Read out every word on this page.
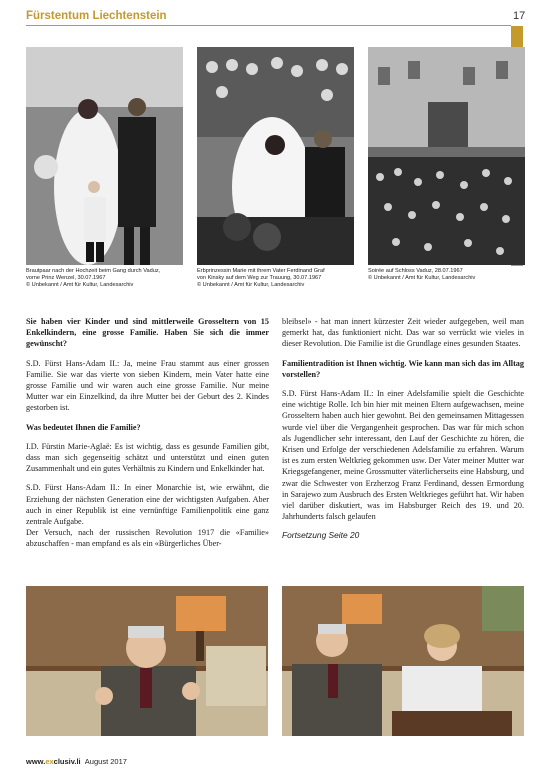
Fürstentum Liechtenstein	17
Brautpaar nach der Hochzeit beim Gang durch Vaduz,
vorne Prinz Wenzel, 30.07.1967
© Unbekannt / Amt für Kultur, Landesarchiv
Erbprinzessin Marie mit ihrem Vater Ferdinand Graf
von Kinsky auf dem Weg zur Trauung, 30.07.1967
© Unbekannt / Amt für Kultur, Landesarchiv
Soirée auf Schloss Vaduz, 28.07.1967
© Unbekannt / Amt für Kultur, Landesarchiv

Sie haben vier Kinder und sind mittlerweile Grosseltern von 15 Enkelkindern, eine grosse Familie. Haben Sie sich die immer gewünscht?

S.D. Fürst Hans-Adam II.: Ja, meine Frau stammt aus einer grossen Familie. Sie war das vierte von sieben Kindern, mein Vater hatte eine grosse Familie und wir waren auch eine grosse Familie. Nur meine Mutter war ein Einzelkind, da ihre Mutter bei der Geburt des 2. Kindes gestorben ist.

Was bedeutet Ihnen die Familie?

I.D. Fürstin Marie-Aglaë: Es ist wichtig, dass es gesunde Familien gibt, dass man sich gegenseitig schätzt und unterstützt und einen guten Zusammenhalt und ein gutes Verhältnis zu Kindern und Enkelkinder hat.

S.D. Fürst Hans-Adam II.: In einer Monarchie ist, wie erwähnt, die Erziehung der nächsten Generation eine der wichtigsten Aufgaben. Aber auch in einer Republik ist eine vernünftige Familienpolitik eine ganz zentrale Aufgabe.

Der Versuch, nach der russischen Revolution 1917 die «Familie» abzuschaffen - man empfand es als ein «Bürgerliches Über-

bleibsel» - hat man innert kürzester Zeit wieder aufgegeben, weil man gemerkt hat, das funktioniert nicht. Das war so verrückt wie vieles in dieser Revolution. Die Familie ist die Grundlage eines gesunden Staates.

Familientradition ist Ihnen wichtig. Wie kann man sich das im Alltag vorstellen?

S.D. Fürst Hans-Adam II.: In einer Adelsfamilie spielt die Geschichte eine wichtige Rolle. Ich bin hier mit meinen Eltern aufgewachsen, meine Grosseltern haben auch hier gewohnt. Bei den gemeinsamen Mittagessen wurde viel über die Vergangenheit gesprochen. Das war für mich schon als Jugendlicher sehr interessant, den Lauf der Geschichte zu hören, die Krisen und Erfolge der verschiedenen Adelsfamilie zu erfahren. Warum ist es zum ersten Weltkrieg gekommen usw. Der Vater meiner Mutter war Kriegsgefangener, meine Grossmutter väterlicherseits eine Habsburg, und zwar die Schwester von Erzherzog Franz Ferdinand, dessen Ermordung in Sarajewo zum Ausbruch des Ersten Weltkrieges geführt hat. Wir haben viel darüber diskutiert, was im Habsburger Reich des 19. und 20. Jahrhunderts falsch gelaufen

Fortsetzung Seite 20

www.exclusiv.li August 2017
